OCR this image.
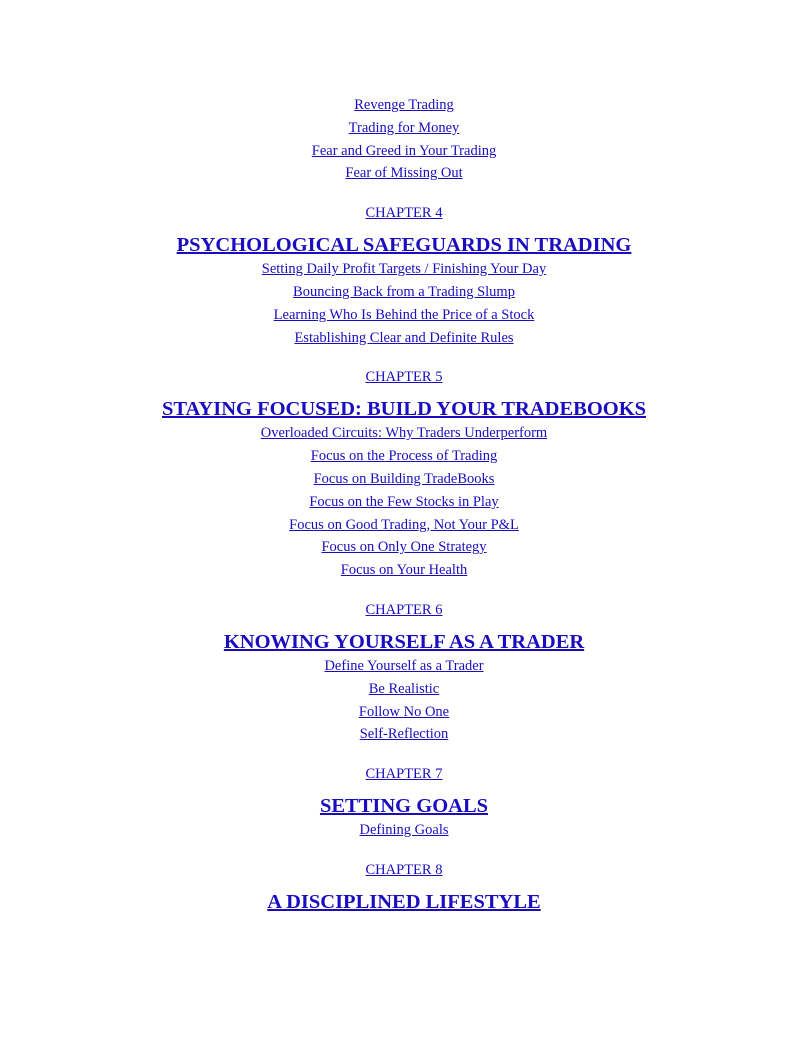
Revenge Trading
Trading for Money
Fear and Greed in Your Trading
Fear of Missing Out
CHAPTER 4
PSYCHOLOGICAL SAFEGUARDS IN TRADING
Setting Daily Profit Targets / Finishing Your Day
Bouncing Back from a Trading Slump
Learning Who Is Behind the Price of a Stock
Establishing Clear and Definite Rules
CHAPTER 5
STAYING FOCUSED: BUILD YOUR TRADEBOOKS
Overloaded Circuits: Why Traders Underperform
Focus on the Process of Trading
Focus on Building TradeBooks
Focus on the Few Stocks in Play
Focus on Good Trading, Not Your P&L
Focus on Only One Strategy
Focus on Your Health
CHAPTER 6
KNOWING YOURSELF AS A TRADER
Define Yourself as a Trader
Be Realistic
Follow No One
Self-Reflection
CHAPTER 7
SETTING GOALS
Defining Goals
CHAPTER 8
A DISCIPLINED LIFESTYLE
